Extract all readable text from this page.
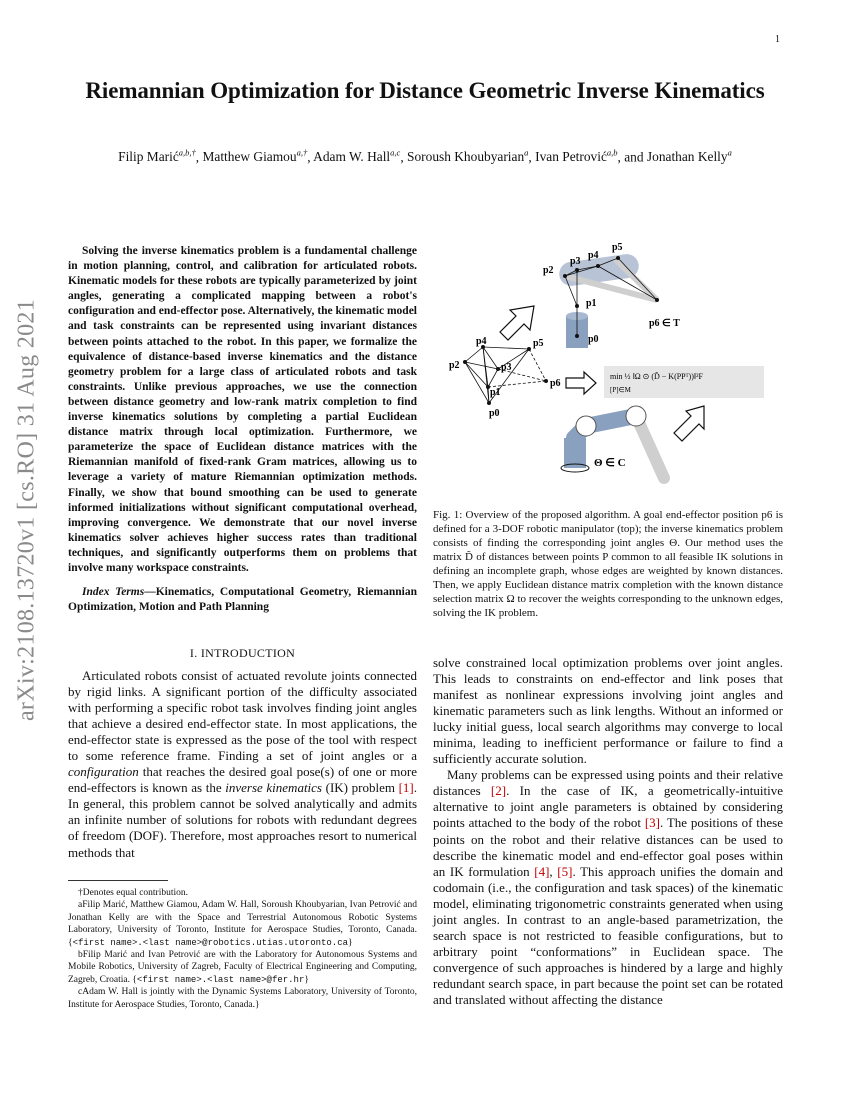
1
arXiv:2108.13720v1 [cs.RO] 31 Aug 2021
Riemannian Optimization for Distance Geometric Inverse Kinematics
Filip Marić$^{a,b,\dagger}$, Matthew Giamou$^{a,\dagger}$, Adam W. Hall$^{a,c}$, Soroush Khoubyarian$^a$, Ivan Petrović$^{a,b}$, and Jonathan Kelly$^a$

Solving the inverse kinematics problem is a fundamental challenge in motion planning, control, and calibration for articulated robots. Kinematic models for these robots are typically parameterized by joint angles, generating a complicated mapping between a robot's configuration and end-effector pose. Alternatively, the kinematic model and task constraints can be represented using invariant distances between points attached to the robot. In this paper, we formalize the equivalence of distance-based inverse kinematics and the distance geometry problem for a large class of articulated robots and task constraints. Unlike previous approaches, we use the connection between distance geometry and low-rank matrix completion to find inverse kinematics solutions by completing a partial Euclidean distance matrix through local optimization. Furthermore, we parameterize the space of Euclidean distance matrices with the Riemannian manifold of fixed-rank Gram matrices, allowing us to leverage a variety of mature Riemannian optimization methods. Finally, we show that bound smoothing can be used to generate informed initializations without significant computational overhead, improving convergence. We demonstrate that our novel inverse kinematics solver achieves higher success rates than traditional techniques, and significantly outperforms them on problems that involve many workspace constraints.

Index Terms—Kinematics, Computational Geometry, Riemannian Optimization, Motion and Path Planning

I. INTRODUCTION

Articulated robots consist of actuated revolute joints connected by rigid links. A significant portion of the difficulty associated with performing a specific robot task involves finding joint angles that achieve a desired end-effector state. In most applications, the end-effector state is expressed as the pose of the tool with respect to some reference frame. Finding a set of joint angles or a configuration that reaches the desired goal pose(s) of one or more end-effectors is known as the inverse kinematics (IK) problem [1]. In general, this problem cannot be solved analytically and admits an infinite number of solutions for robots with redundant degrees of freedom (DOF). Therefore, most approaches resort to numerical methods that

†Denotes equal contribution.

aFilip Marić, Matthew Giamou, Adam W. Hall, Soroush Khoubyarian, Ivan Petrović and Jonathan Kelly are with the Space and Terrestrial Autonomous Robotic Systems Laboratory, University of Toronto, Institute for Aerospace Studies, Toronto, Canada. {<first name>.<last name>@robotics.utias.utoronto.ca}

bFilip Marić and Ivan Petrović are with the Laboratory for Autonomous Systems and Mobile Robotics, University of Zagreb, Faculty of Electrical Engineering and Computing, Zagreb, Croatia. {<first name>.<last name>@fer.hr}

cAdam W. Hall is jointly with the Dynamic Systems Laboratory, University of Toronto, Institute for Aerospace Studies, Toronto, Canada.}

p2
p3
p4
p5
p1
p0
p6 ∈ T
p4	p5
p2	p3
p1
p0
p6
min ½ ‖Ω ⊙ (D̃ − K(PPᵀ))‖²F
[P]∈M
Θ ∈ C

Fig. 1: Overview of the proposed algorithm. A goal end-effector position p6 is defined for a 3-DOF robotic manipulator (top); the inverse kinematics problem consists of finding the corresponding joint angles Θ. Our method uses the matrix D̃ of distances between points P common to all feasible IK solutions in defining an incomplete graph, whose edges are weighted by known distances. Then, we apply Euclidean distance matrix completion with the known distance selection matrix Ω to recover the weights corresponding to the unknown edges, solving the IK problem.

solve constrained local optimization problems over joint angles. This leads to constraints on end-effector and link poses that manifest as nonlinear expressions involving joint angles and kinematic parameters such as link lengths. Without an informed or lucky initial guess, local search algorithms may converge to local minima, leading to inefficient performance or failure to find a sufficiently accurate solution.

Many problems can be expressed using points and their relative distances [2]. In the case of IK, a geometrically-intuitive alternative to joint angle parameters is obtained by considering points attached to the body of the robot [3]. The positions of these points on the robot and their relative distances can be used to describe the kinematic model and end-effector goal poses within an IK formulation [4], [5]. This approach unifies the domain and codomain (i.e., the configuration and task spaces) of the kinematic model, eliminating trigonometric constraints generated when using joint angles. In contrast to an angle-based parametrization, the search space is not restricted to feasible configurations, but to arbitrary point “conformations” in Euclidean space. The convergence of such approaches is hindered by a large and highly redundant search space, in part because the point set can be rotated and translated without affecting the distance
